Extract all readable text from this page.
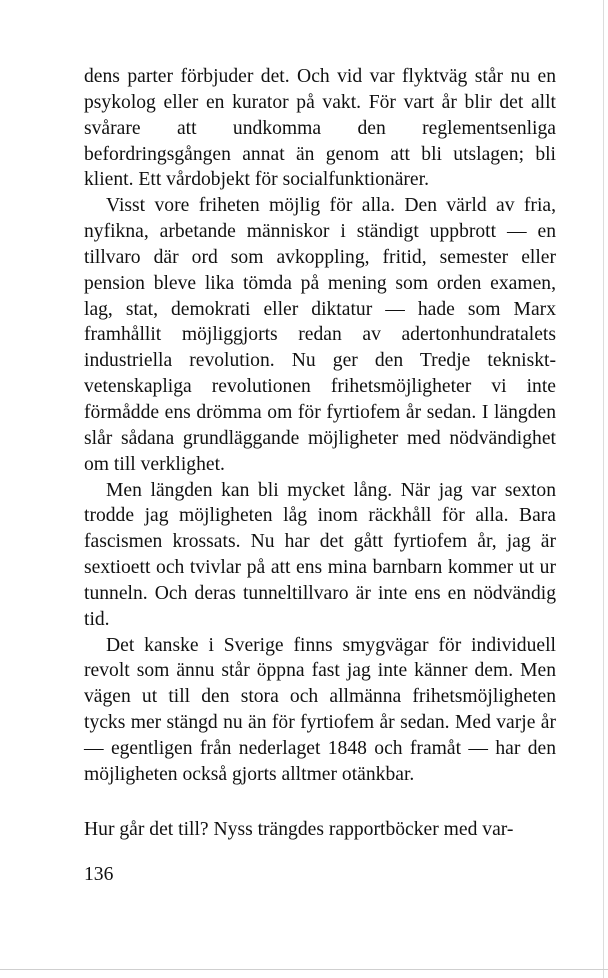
dens parter förbjuder det. Och vid var flyktväg står nu en psykolog eller en kurator på vakt. För vart år blir det allt svårare att undkomma den reglementsenliga befordringsgången annat än genom att bli utslagen; bli klient. Ett vårdobjekt för socialfunktionärer.

Visst vore friheten möjlig för alla. Den värld av fria, nyfikna, arbetande människor i ständigt uppbrott — en tillvaro där ord som avkoppling, fritid, semester eller pension bleve lika tömda på mening som orden examen, lag, stat, demokrati eller diktatur — hade som Marx framhållit möjliggjorts redan av adertonhundratalets industriella revolution. Nu ger den Tredje tekniskt-vetenskapliga revolutionen frihetsmöjligheter vi inte förmådde ens drömma om för fyrtiofem år sedan. I längden slår sådana grundläggande möjligheter med nödvändighet om till verklighet.

Men längden kan bli mycket lång. När jag var sexton trodde jag möjligheten låg inom räckhåll för alla. Bara fascismen krossats. Nu har det gått fyrtiofem år, jag är sextioett och tvivlar på att ens mina barnbarn kommer ut ur tunneln. Och deras tunneltillvaro är inte ens en nödvändig tid.

Det kanske i Sverige finns smygvägar för individuell revolt som ännu står öppna fast jag inte känner dem. Men vägen ut till den stora och allmänna frihetsmöjligheten tycks mer stängd nu än för fyrtiofem år sedan. Med varje år — egentligen från nederlaget 1848 och framåt — har den möjligheten också gjorts alltmer otänkbar.

Hur går det till? Nyss trängdes rapportböcker med var-

136
